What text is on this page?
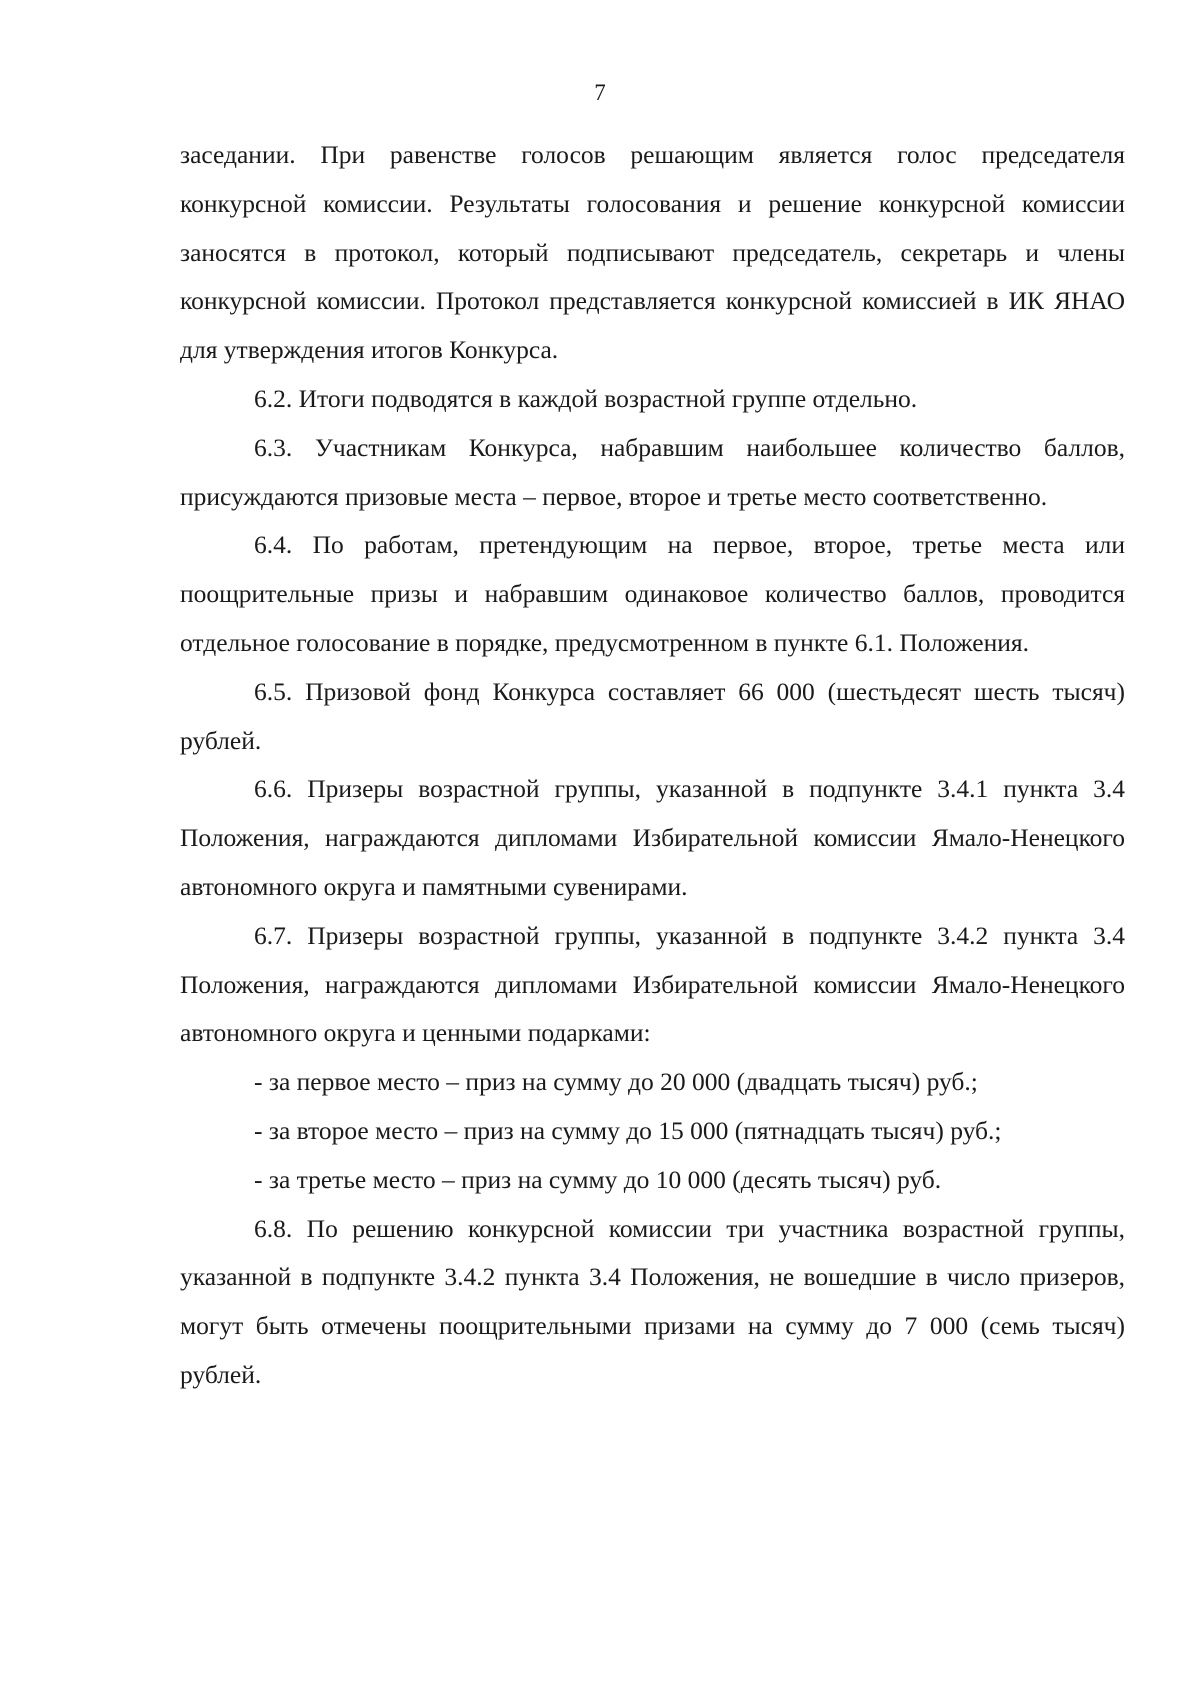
7

заседании. При равенстве голосов решающим является голос председателя конкурсной комиссии. Результаты голосования и решение конкурсной комиссии заносятся в протокол, который подписывают председатель, секретарь и члены конкурсной комиссии. Протокол представляется конкурсной комиссией в ИК ЯНАО для утверждения итогов Конкурса.

6.2. Итоги подводятся в каждой возрастной группе отдельно.

6.3. Участникам Конкурса, набравшим наибольшее количество баллов, присуждаются призовые места – первое, второе и третье место соответственно.

6.4. По работам, претендующим на первое, второе, третье места или поощрительные призы и набравшим одинаковое количество баллов, проводится отдельное голосование в порядке, предусмотренном в пункте 6.1. Положения.

6.5. Призовой фонд Конкурса составляет 66 000 (шестьдесят шесть тысяч) рублей.

6.6. Призеры возрастной группы, указанной в подпункте 3.4.1 пункта 3.4 Положения, награждаются дипломами Избирательной комиссии Ямало-Ненецкого автономного округа и памятными сувенирами.

6.7. Призеры возрастной группы, указанной в подпункте 3.4.2 пункта 3.4 Положения, награждаются дипломами Избирательной комиссии Ямало-Ненецкого автономного округа и ценными подарками:

- за первое место – приз на сумму до 20 000 (двадцать тысяч) руб.;

- за второе место – приз на сумму до 15 000 (пятнадцать тысяч) руб.;

- за третье место – приз на сумму до 10 000 (десять тысяч) руб.

6.8. По решению конкурсной комиссии три участника возрастной группы, указанной в подпункте 3.4.2 пункта 3.4 Положения, не вошедшие в число призеров, могут быть отмечены поощрительными призами на сумму до 7 000 (семь тысяч) рублей.
